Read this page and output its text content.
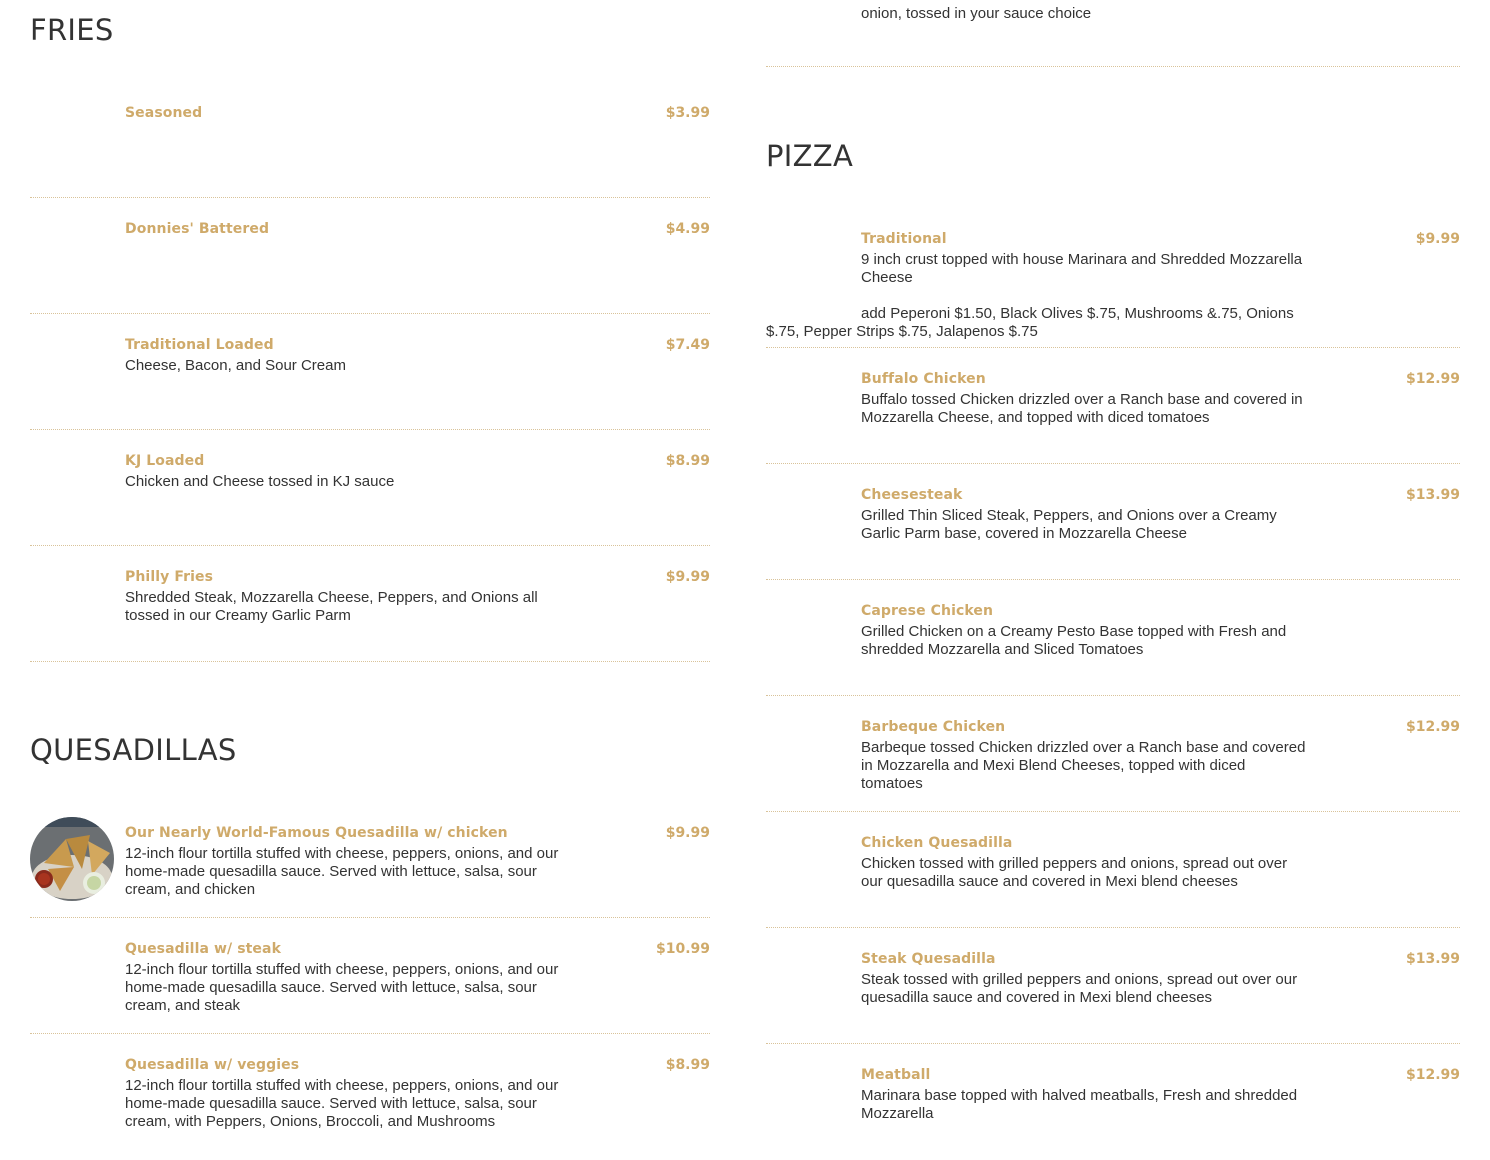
FRIES
Seasoned	$3.99
Donnies' Battered	$4.99
Traditional Loaded	$7.49
Cheese, Bacon, and Sour Cream
KJ Loaded	$8.99
Chicken and Cheese tossed in KJ sauce
Philly Fries	$9.99
Shredded Steak, Mozzarella Cheese, Peppers, and Onions all tossed in our Creamy Garlic Parm
QUESADILLAS
Our Nearly World-Famous Quesadilla w/ chicken	$9.99
12-inch flour tortilla stuffed with cheese, peppers, onions, and our home-made quesadilla sauce. Served with lettuce, salsa, sour cream, and chicken
Quesadilla w/ steak	$10.99
12-inch flour tortilla stuffed with cheese, peppers, onions, and our home-made quesadilla sauce. Served with lettuce, salsa, sour cream, and steak
Quesadilla w/ veggies	$8.99
12-inch flour tortilla stuffed with cheese, peppers, onions, and our home-made quesadilla sauce. Served with lettuce, salsa, sour cream, with Peppers, Onions, Broccoli, and Mushrooms
onion, tossed in your sauce choice
PIZZA
Traditional	$9.99
9 inch crust topped with house Marinara and Shredded Mozzarella Cheese
add Peperoni $1.50, Black Olives $.75, Mushrooms &.75, Onions $.75, Pepper Strips $.75, Jalapenos $.75
Buffalo Chicken	$12.99
Buffalo tossed Chicken drizzled over a Ranch base and covered in Mozzarella Cheese, and topped with diced tomatoes
Cheesesteak	$13.99
Grilled Thin Sliced Steak, Peppers, and Onions over a Creamy Garlic Parm base, covered in Mozzarella Cheese
Caprese Chicken
Grilled Chicken on a Creamy Pesto Base topped with Fresh and shredded Mozzarella and Sliced Tomatoes
Barbeque Chicken	$12.99
Barbeque tossed Chicken drizzled over a Ranch base and covered in Mozzarella and Mexi Blend Cheeses, topped with diced tomatoes
Chicken Quesadilla
Chicken tossed with grilled peppers and onions, spread out over our quesadilla sauce and covered in Mexi blend cheeses
Steak Quesadilla	$13.99
Steak tossed with grilled peppers and onions, spread out over our quesadilla sauce and covered in Mexi blend cheeses
Meatball	$12.99
Marinara base topped with halved meatballs, Fresh and shredded Mozzarella
